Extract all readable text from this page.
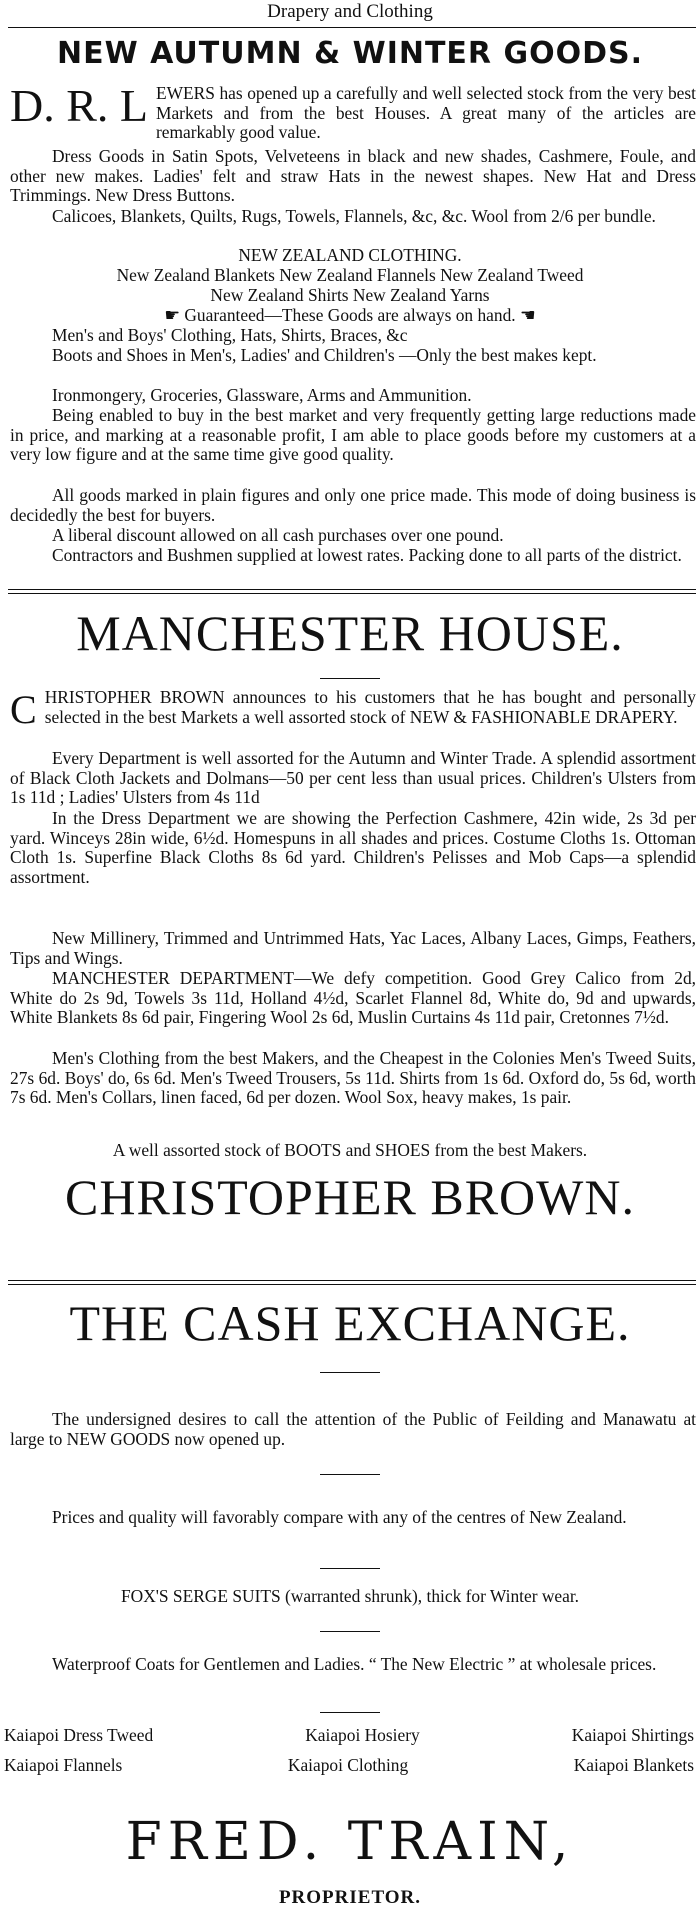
Drapery and Clothing
NEW AUTUMN & WINTER GOODS.
D. R. L EWERS has opened up a carefully and well selected stock from the very best Markets and from the best Houses. A great many of the articles are remarkably good value.
Dress Goods in Satin Spots, Velveteens in black and new shades, Cashmere, Foule, and other new makes. Ladies' felt and straw Hats in the newest shapes. New Hat and Dress Trimmings. New Dress Buttons.
Calicoes, Blankets, Quilts, Rugs, Towels, Flannels, &c, &c. Wool from 2/6 per bundle.
NEW ZEALAND CLOTHING.
New Zealand Blankets New Zealand Flannels New Zealand Tweed
New Zealand Shirts New Zealand Yarns
☛ Guaranteed—These Goods are always on hand. ☚
Men's and Boys' Clothing, Hats, Shirts, Braces, &c
Boots and Shoes in Men's, Ladies' and Children's —Only the best makes kept.
Ironmongery, Groceries, Glassware, Arms and Ammunition.
Being enabled to buy in the best market and very frequently getting large reductions made in price, and marking at a reasonable profit, I am able to place goods before my customers at a very low figure and at the same time give good quality.
All goods marked in plain figures and only one price made. This mode of doing business is decidedly the best for buyers.
A liberal discount allowed on all cash purchases over one pound.
Contractors and Bushmen supplied at lowest rates. Packing done to all parts of the district.
MANCHESTER HOUSE.
CHRISTOPHER BROWN announces to his customers that he has bought and personally selected in the best Markets a well assorted stock of NEW & FASHIONABLE DRAPERY.
Every Department is well assorted for the Autumn and Winter Trade. A splendid assortment of Black Cloth Jackets and Dolmans—50 per cent less than usual prices. Children's Ulsters from 1s 11d ; Ladies' Ulsters from 4s 11d
In the Dress Department we are showing the Perfection Cashmere, 42in wide, 2s 3d per yard. Winceys 28in wide, 6½d. Homespuns in all shades and prices. Costume Cloths 1s. Ottoman Cloth 1s. Superfine Black Cloths 8s 6d yard. Children's Pelisses and Mob Caps—a splendid assortment.
New Millinery, Trimmed and Untrimmed Hats, Yac Laces, Albany Laces, Gimps, Feathers, Tips and Wings.
MANCHESTER DEPARTMENT—We defy competition. Good Grey Calico from 2d, White do 2s 9d, Towels 3s 11d, Holland 4½d, Scarlet Flannel 8d, White do, 9d and upwards, White Blankets 8s 6d pair, Fingering Wool 2s 6d, Muslin Curtains 4s 11d pair, Cretonnes 7½d.
Men's Clothing from the best Makers, and the Cheapest in the Colonies Men's Tweed Suits, 27s 6d. Boys' do, 6s 6d. Men's Tweed Trousers, 5s 11d. Shirts from 1s 6d. Oxford do, 5s 6d, worth 7s 6d. Men's Collars, linen faced, 6d per dozen. Wool Sox, heavy makes, 1s pair.
A well assorted stock of BOOTS and SHOES from the best Makers.
CHRISTOPHER BROWN.
THE CASH EXCHANGE.
The undersigned desires to call the attention of the Public of Feilding and Manawatu at large to NEW GOODS now opened up.
Prices and quality will favorably compare with any of the centres of New Zealand.
FOX'S SERGE SUITS (warranted shrunk), thick for Winter wear.
Waterproof Coats for Gentlemen and Ladies. “ The New Electric ” at wholesale prices.
Kaiapoi Dress Tweed	Kaiapoi Hosiery	Kaiapoi Shirtings
Kaiapoi Flannels	Kaiapoi Clothing	Kaiapoi Blankets
FRED. TRAIN,
PROPRIETOR.
